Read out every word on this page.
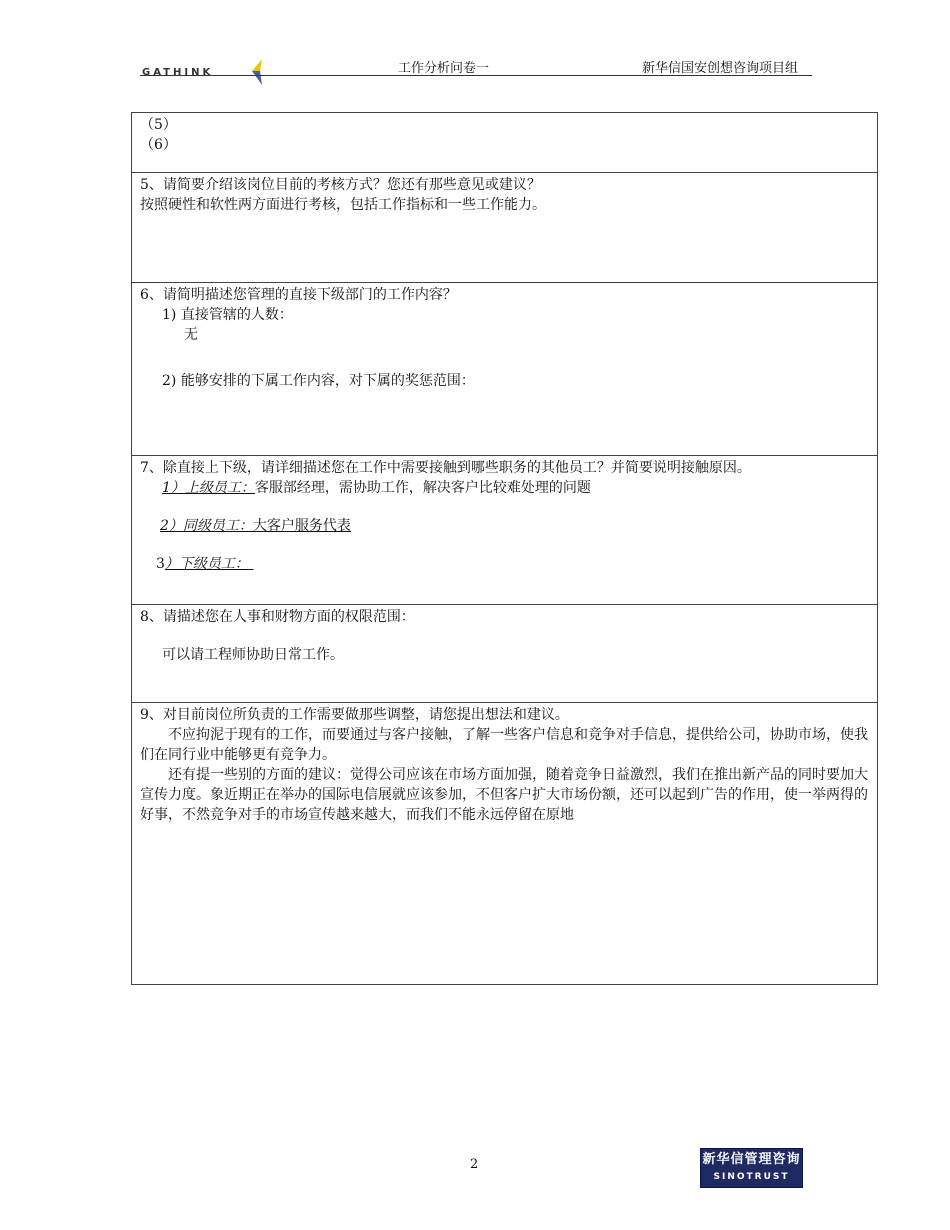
GATHINK	工作分析问卷一	新华信国安创想咨询项目组

（5）

（6）

5、请简要介绍该岗位目前的考核方式？您还有那些意见或建议？

按照硬性和软性两方面进行考核，包括工作指标和一些工作能力。

6、请简明描述您管理的直接下级部门的工作内容？

1) 直接管辖的人数：

无

2) 能够安排的下属工作内容，对下属的奖惩范围：

7、除直接上下级，请详细描述您在工作中需要接触到哪些职务的其他员工？并简要说明接触原因。

1）上级员工：客服部经理，需协助工作，解决客户比较难处理的问题

2）同级员工：大客户服务代表

3）下级员工：

8、请描述您在人事和财物方面的权限范围：

可以请工程师协助日常工作。

9、对目前岗位所负责的工作需要做那些调整，请您提出想法和建议。

不应拘泥于现有的工作，而要通过与客户接触，了解一些客户信息和竞争对手信息，提供给公司，协助市场，使我们在同行业中能够更有竞争力。

还有提一些别的方面的建议：觉得公司应该在市场方面加强，随着竞争日益激烈，我们在推出新产品的同时要加大宣传力度。象近期正在举办的国际电信展就应该参加，不但客户扩大市场份额，还可以起到广告的作用，使一举两得的好事，不然竞争对手的市场宣传越来越大，而我们不能永远停留在原地

2	新华信管理咨询
SINOTRUST
